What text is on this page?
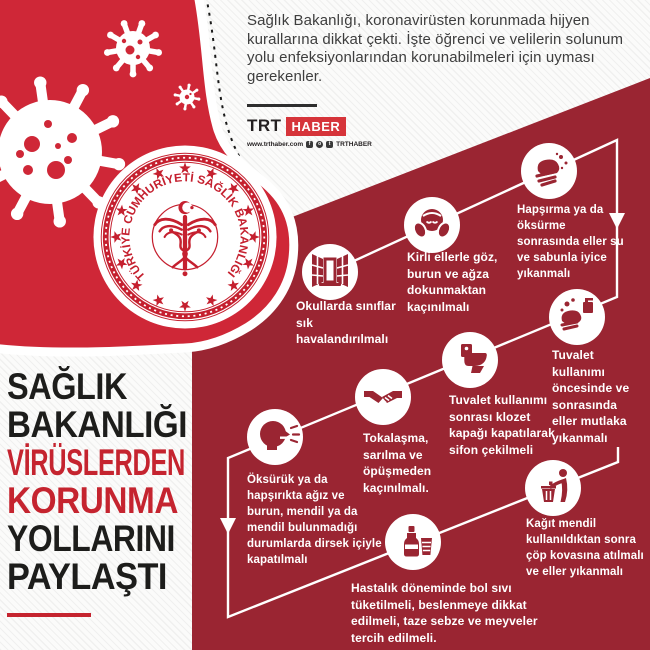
TÜRKİYE CUMHURİYETİ SAĞLIK BAKANLIĞI
Sağlık Bakanlığı, koronavirüsten korunmada hijyen kurallarına dikkat çekti. İşte öğrenci ve velilerin solunum yolu enfeksiyonlarından korunabilmeleri için uyması gerekenler.
TRT HABER
www.trthaber.com	f	o	t TRTHABER
SAĞLIK
BAKANLIĞI
VİRÜSLERDEN
KORUNMA
YOLLARINI
PAYLAŞTI
Okullarda sınıflar sık havalandırılmalı
Kirli ellerle göz, burun ve ağza dokunmaktan kaçınılmalı
Hapşırma ya da öksürme sonrasında eller su ve sabunla iyice yıkanmalı
Tuvalet kullanımı öncesinde ve sonrasında eller mutlaka yıkanmalı
Tuvalet kullanımı sonrası klozet kapağı kapatılarak sifon çekilmeli
Tokalaşma, sarılma ve öpüşmeden kaçınılmalı.
Öksürük ya da hapşırıkta ağız ve burun, mendil ya da mendil bulunmadığı durumlarda dirsek içiyle kapatılmalı
Kağıt mendil kullanıldıktan sonra çöp kovasına atılmalı ve eller yıkanmalı
Hastalık döneminde bol sıvı tüketilmeli, beslenmeye dikkat edilmeli, taze sebze ve meyveler tercih edilmeli.
